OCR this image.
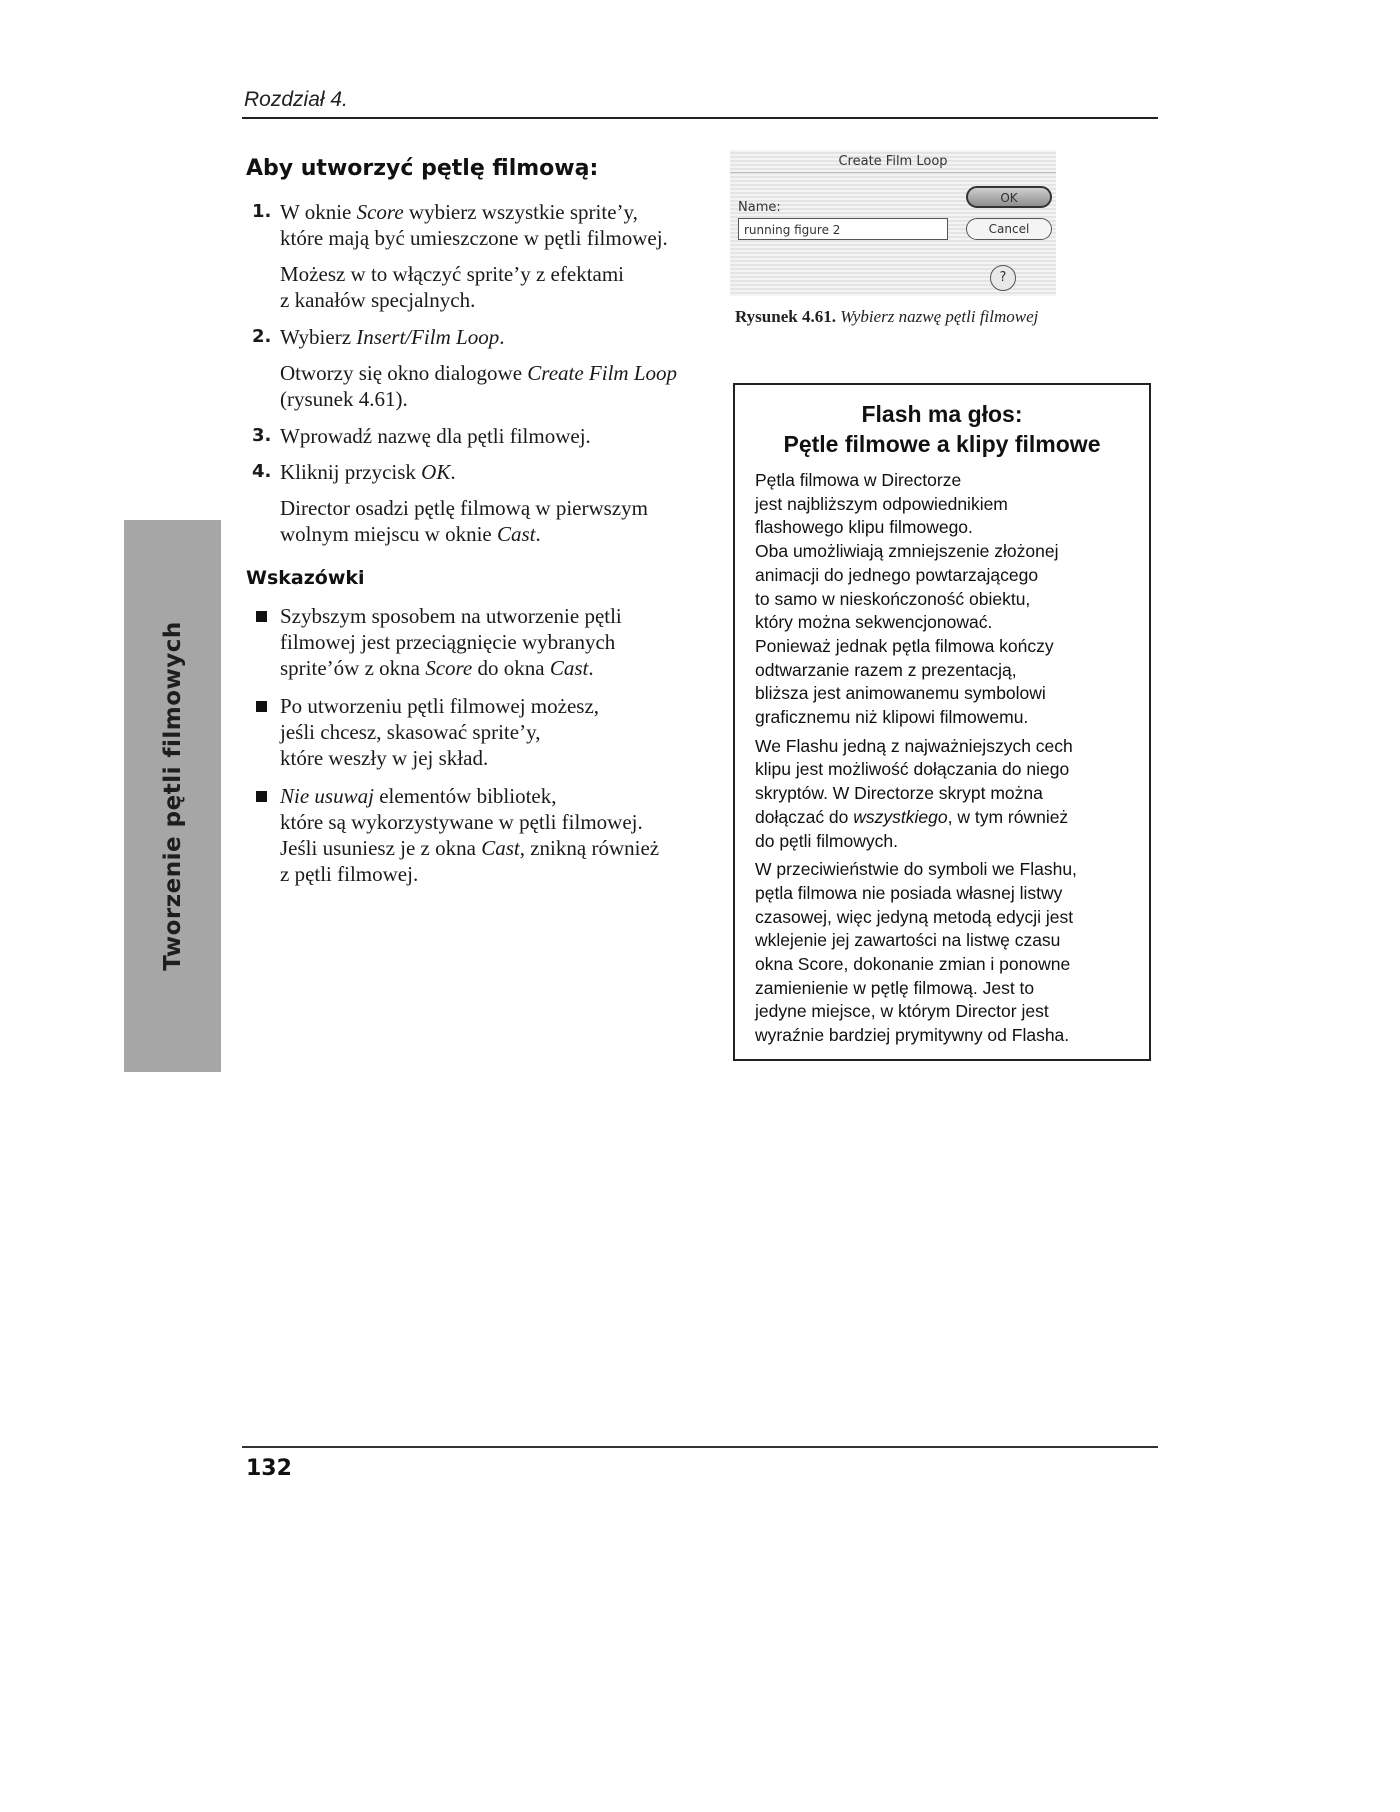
Rozdział 4.
Tworzenie pętli filmowych
Aby utworzyć pętlę filmową:
1. W oknie Score wybierz wszystkie sprite’y,
które mają być umieszczone w pętli filmowej.
Możesz w to włączyć sprite’y z efektami
z kanałów specjalnych.
2. Wybierz Insert/Film Loop.
Otworzy się okno dialogowe Create Film Loop
(rysunek 4.61).
3. Wprowadź nazwę dla pętli filmowej.
4. Kliknij przycisk OK.
Director osadzi pętlę filmową w pierwszym
wolnym miejscu w oknie Cast.
Wskazówki
Szybszym sposobem na utworzenie pętli
filmowej jest przeciągnięcie wybranych
sprite’ów z okna Score do okna Cast.
Po utworzeniu pętli filmowej możesz,
jeśli chcesz, skasować sprite’y,
które weszły w jej skład.
Nie usuwaj elementów bibliotek,
które są wykorzystywane w pętli filmowej.
Jeśli usuniesz je z okna Cast, znikną również
z pętli filmowej.
Create Film Loop
Name:
running figure 2
OK
Cancel
?
Rysunek 4.61. Wybierz nazwę pętli filmowej
Flash ma głos:
Pętle filmowe a klipy filmowe

Pętla filmowa w Directorze
jest najbliższym odpowiednikiem
flashowego klipu filmowego.
Oba umożliwiają zmniejszenie złożonej
animacji do jednego powtarzającego
to samo w nieskończoność obiektu,
który można sekwencjonować.
Ponieważ jednak pętla filmowa kończy
odtwarzanie razem z prezentacją,
bliższa jest animowanemu symbolowi
graficznemu niż klipowi filmowemu.

We Flashu jedną z najważniejszych cech
klipu jest możliwość dołączania do niego
skryptów. W Directorze skrypt można
dołączać do wszystkiego, w tym również
do pętli filmowych.

W przeciwieństwie do symboli we Flashu,
pętla filmowa nie posiada własnej listwy
czasowej, więc jedyną metodą edycji jest
wklejenie jej zawartości na listwę czasu
okna Score, dokonanie zmian i ponowne
zamienienie w pętlę filmową. Jest to
jedyne miejsce, w którym Director jest
wyraźnie bardziej prymitywny od Flasha.

132
